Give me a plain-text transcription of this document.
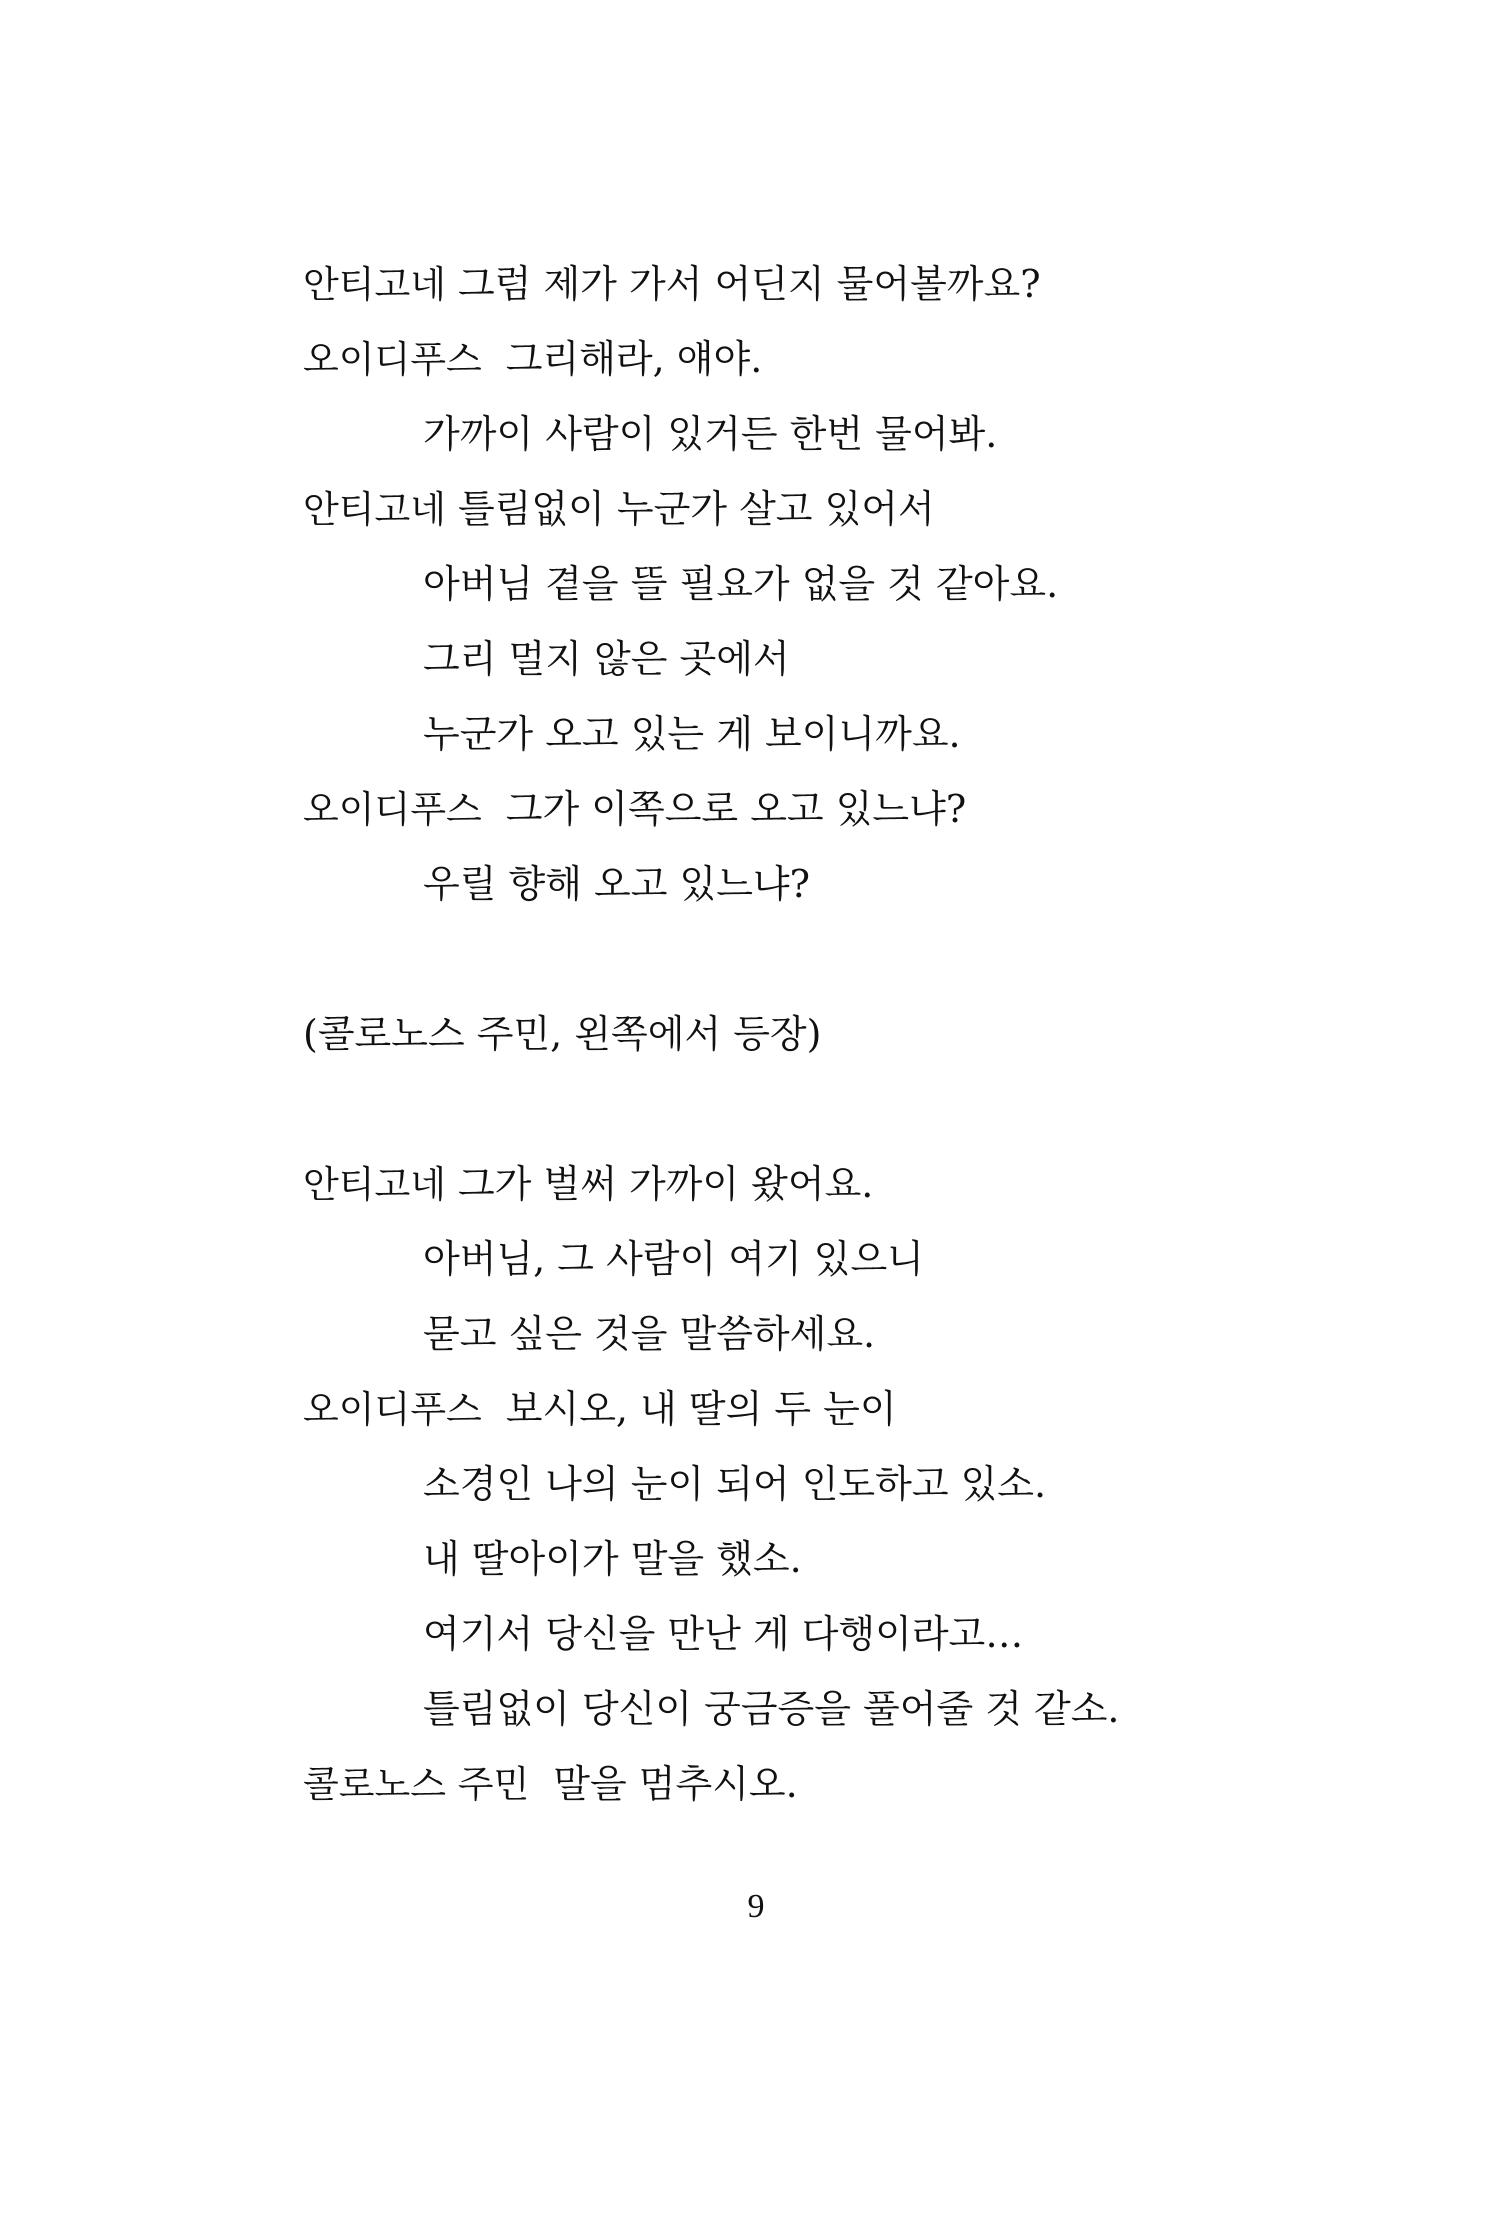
안티고네 그럼 제가 가서 어딘지 물어볼까요?
오이디푸스 그리해라, 얘야.
가까이 사람이 있거든 한번 물어봐.
안티고네 틀림없이 누군가 살고 있어서
아버님 곁을 뜰 필요가 없을 것 같아요.
그리 멀지 않은 곳에서
누군가 오고 있는 게 보이니까요.
오이디푸스 그가 이쪽으로 오고 있느냐?
우릴 향해 오고 있느냐?
(콜로노스 주민, 왼쪽에서 등장)
안티고네 그가 벌써 가까이 왔어요.
아버님, 그 사람이 여기 있으니
묻고 싶은 것을 말씀하세요.
오이디푸스 보시오, 내 딸의 두 눈이
소경인 나의 눈이 되어 인도하고 있소.
내 딸아이가 말을 했소.
여기서 당신을 만난 게 다행이라고…
틀림없이 당신이 궁금증을 풀어줄 것 같소.
콜로노스 주민 말을 멈추시오.
9
